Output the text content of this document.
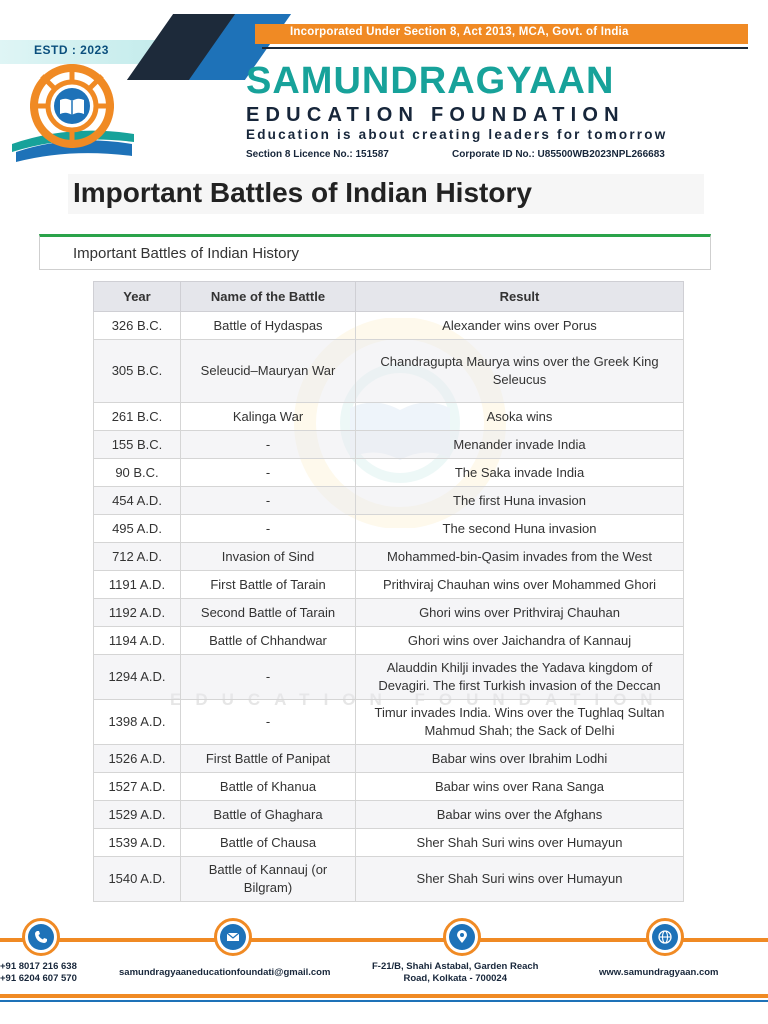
ESTD : 2023
Incorporated Under Section 8, Act 2013, MCA, Govt. of India
SAMUNDRAGYAAN
EDUCATION FOUNDATION
Education is about creating leaders for tomorrow
Section 8 Licence No.: 151587	Corporate ID No.: U85500WB2023NPL266683
Important Battles of Indian History
Important Battles of Indian History
Year	Name of the Battle	Result
326 B.C.	Battle of Hydaspas	Alexander wins over Porus
305 B.C.	Seleucid–Mauryan War	Chandragupta Maurya wins over the Greek King Seleucus
261 B.C.	Kalinga War	Asoka wins
155 B.C.	-	Menander invade India
90 B.C.	-	The Saka invade India
454 A.D.	-	The first Huna invasion
495 A.D.	-	The second Huna invasion
712 A.D.	Invasion of Sind	Mohammed-bin-Qasim invades from the West
1191 A.D.	First Battle of Tarain	Prithviraj Chauhan wins over Mohammed Ghori
1192 A.D.	Second Battle of Tarain	Ghori wins over Prithviraj Chauhan
1194 A.D.	Battle of Chhandwar	Ghori wins over Jaichandra of Kannauj
1294 A.D.	-	Alauddin Khilji invades the Yadava kingdom of Devagiri. The first Turkish invasion of the Deccan
1398 A.D.	-	Timur invades India. Wins over the Tughlaq Sultan Mahmud Shah; the Sack of Delhi
1526 A.D.	First Battle of Panipat	Babar wins over Ibrahim Lodhi
1527 A.D.	Battle of Khanua	Babar wins over Rana Sanga
1529 A.D.	Battle of Ghaghara	Babar wins over the Afghans
1539 A.D.	Battle of Chausa	Sher Shah Suri wins over Humayun
1540 A.D.	Battle of Kannauj (or Bilgram)	Sher Shah Suri wins over Humayun
+91 8017 216 638
+91 6204 607 570
samundragyaaneducationfoundati@gmail.com
F-21/B, Shahi Astabal, Garden Reach
Road, Kolkata - 700024
www.samundragyaan.com
